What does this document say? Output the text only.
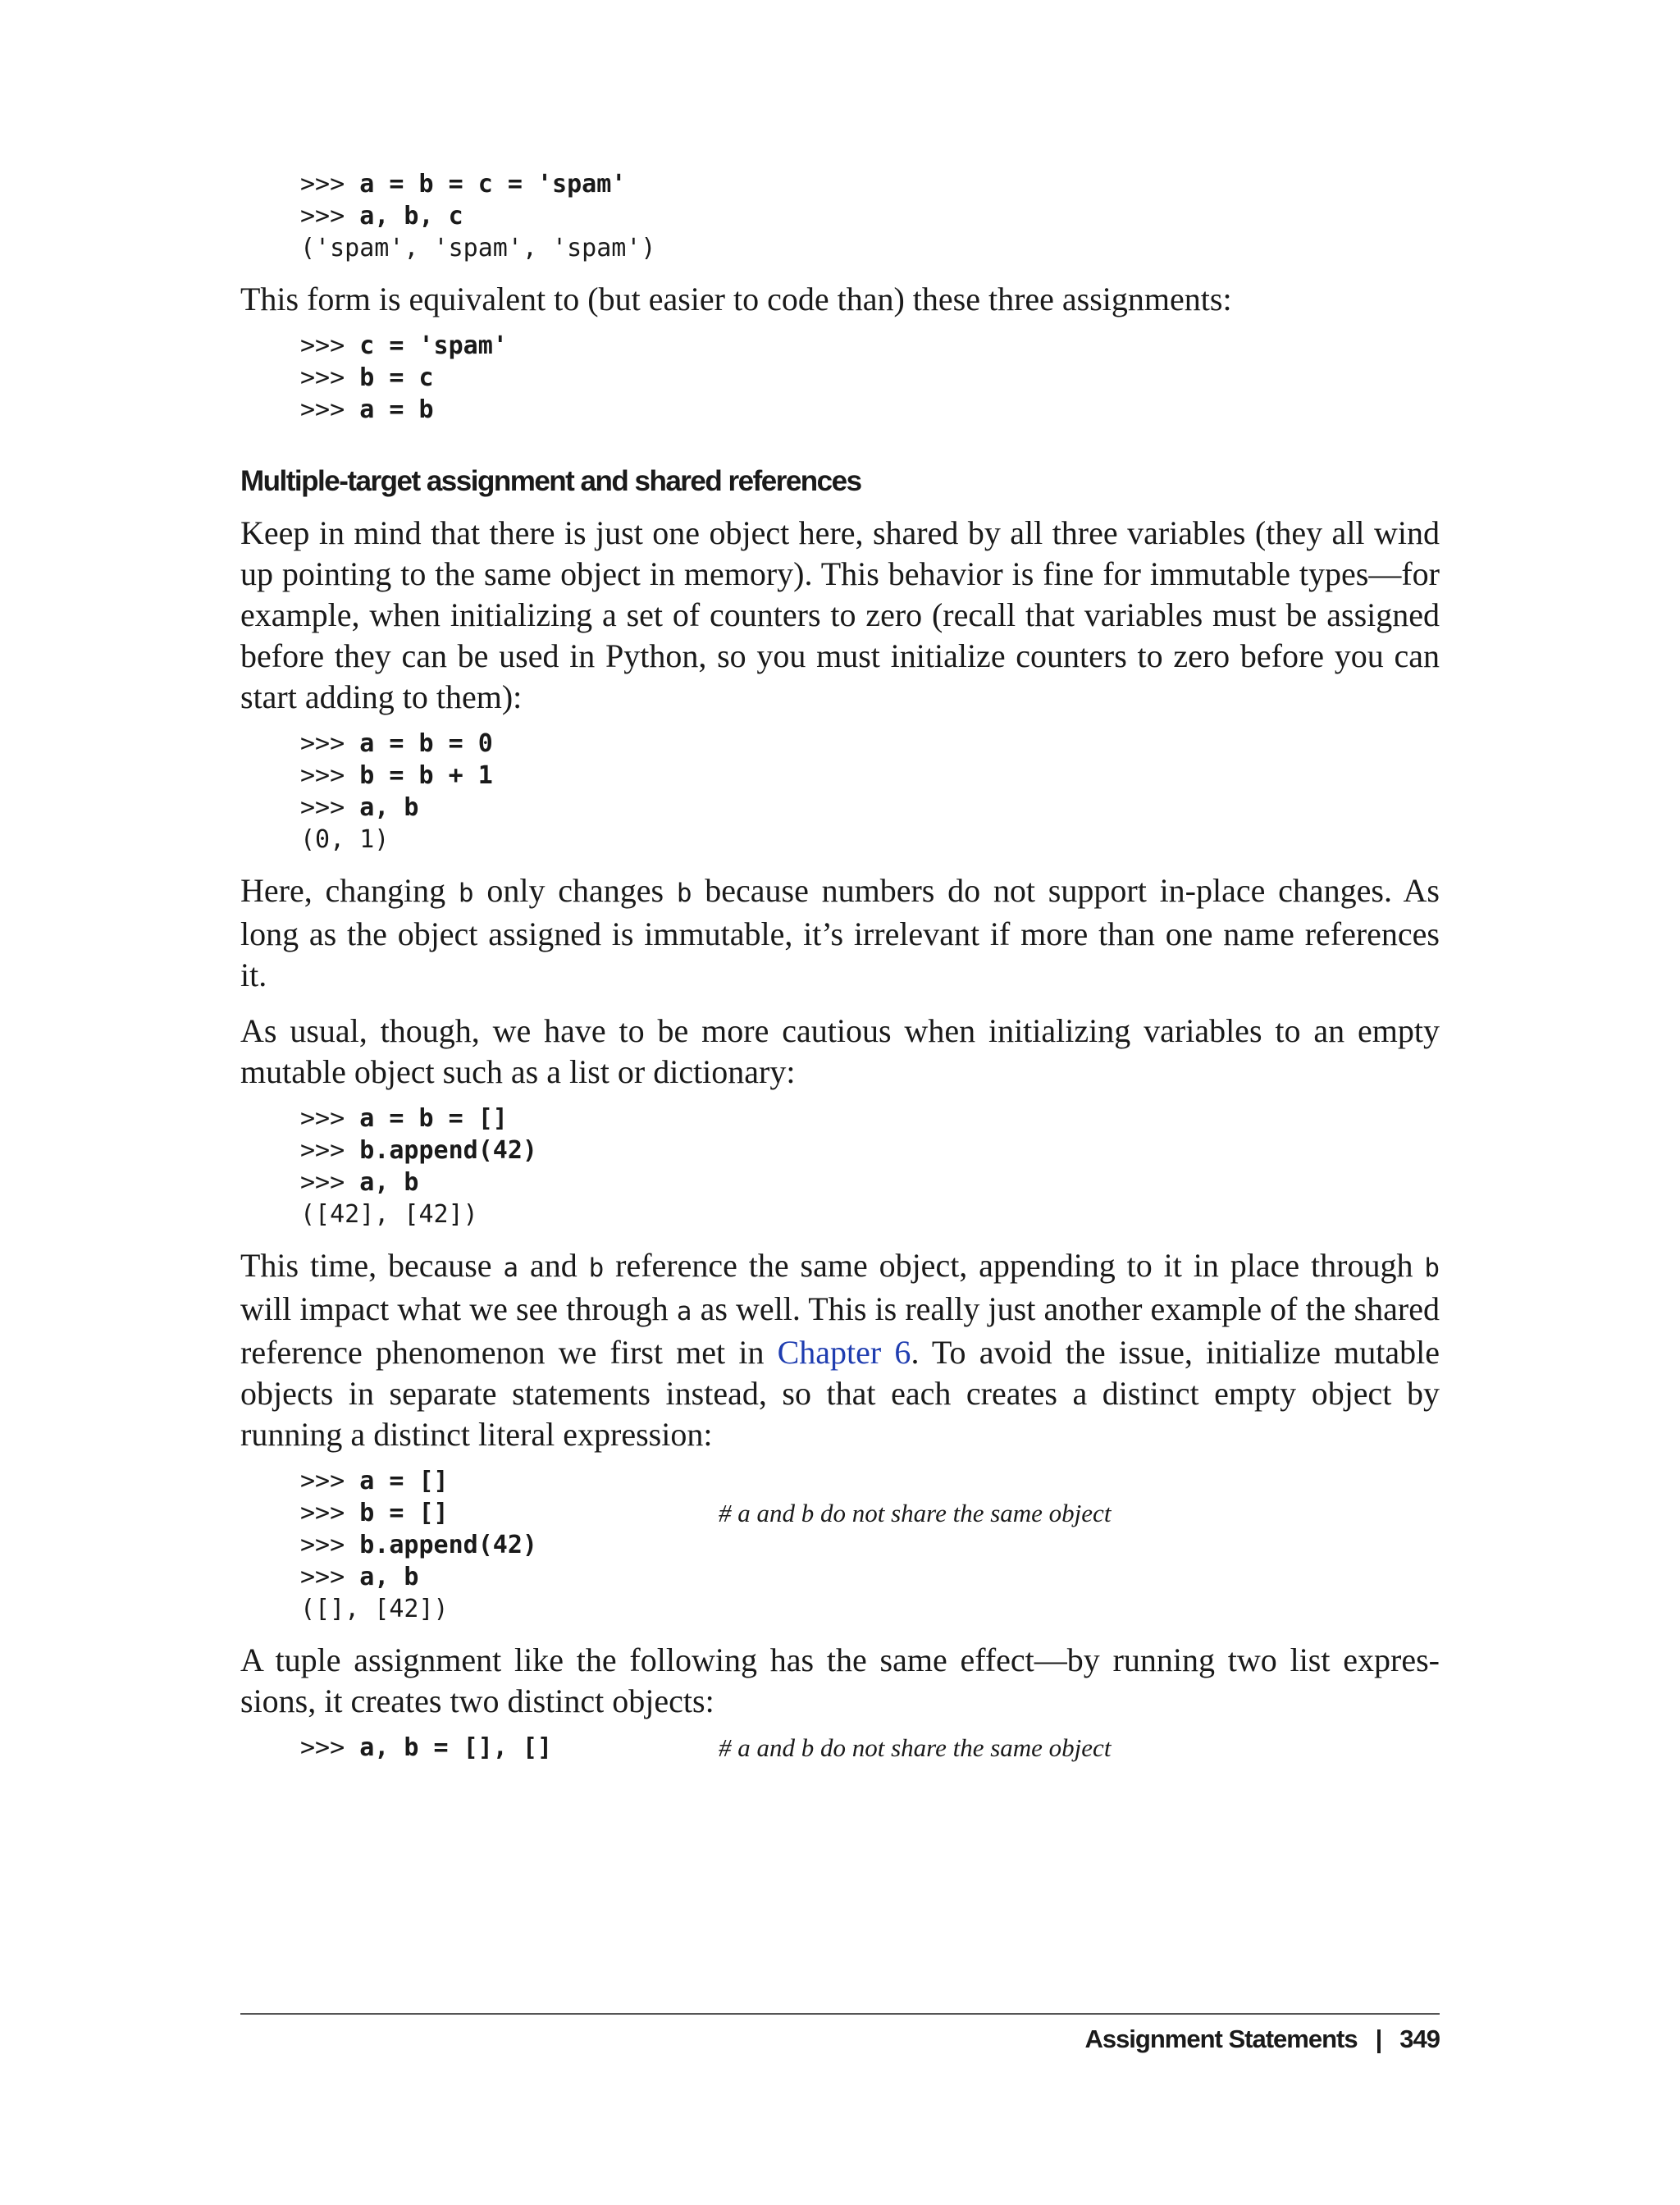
>>> a = b = c = 'spam'
>>> a, b, c
('spam', 'spam', 'spam')

This form is equivalent to (but easier to code than) these three assignments:

>>> c = 'spam'
>>> b = c
>>> a = b
Multiple-target assignment and shared references

Keep in mind that there is just one object here, shared by all three variables (they all wind up pointing to the same object in memory). This behavior is fine for immutable types—for example, when initializing a set of counters to zero (recall that variables must be assigned before they can be used in Python, so you must initialize counters to zero before you can start adding to them):

>>> a = b = 0
>>> b = b + 1
>>> a, b
(0, 1)

Here, changing b only changes b because numbers do not support in-place changes. As long as the object assigned is immutable, it’s irrelevant if more than one name references it.

As usual, though, we have to be more cautious when initializing variables to an empty mutable object such as a list or dictionary:

>>> a = b = []
>>> b.append(42)
>>> a, b
([42], [42])

This time, because a and b reference the same object, appending to it in place through b will impact what we see through a as well. This is really just another example of the shared reference phenomenon we first met in Chapter 6. To avoid the issue, initialize mutable objects in separate statements instead, so that each creates a distinct empty object by running a distinct literal expression:

>>> a = []
>>> b = []	# a and b do not share the same object
>>> b.append(42)
>>> a, b
([], [42])

A tuple assignment like the following has the same effect—by running two list expressions, it creates two distinct objects:

>>> a, b = [], []	# a and b do not share the same object
Assignment Statements | 349
